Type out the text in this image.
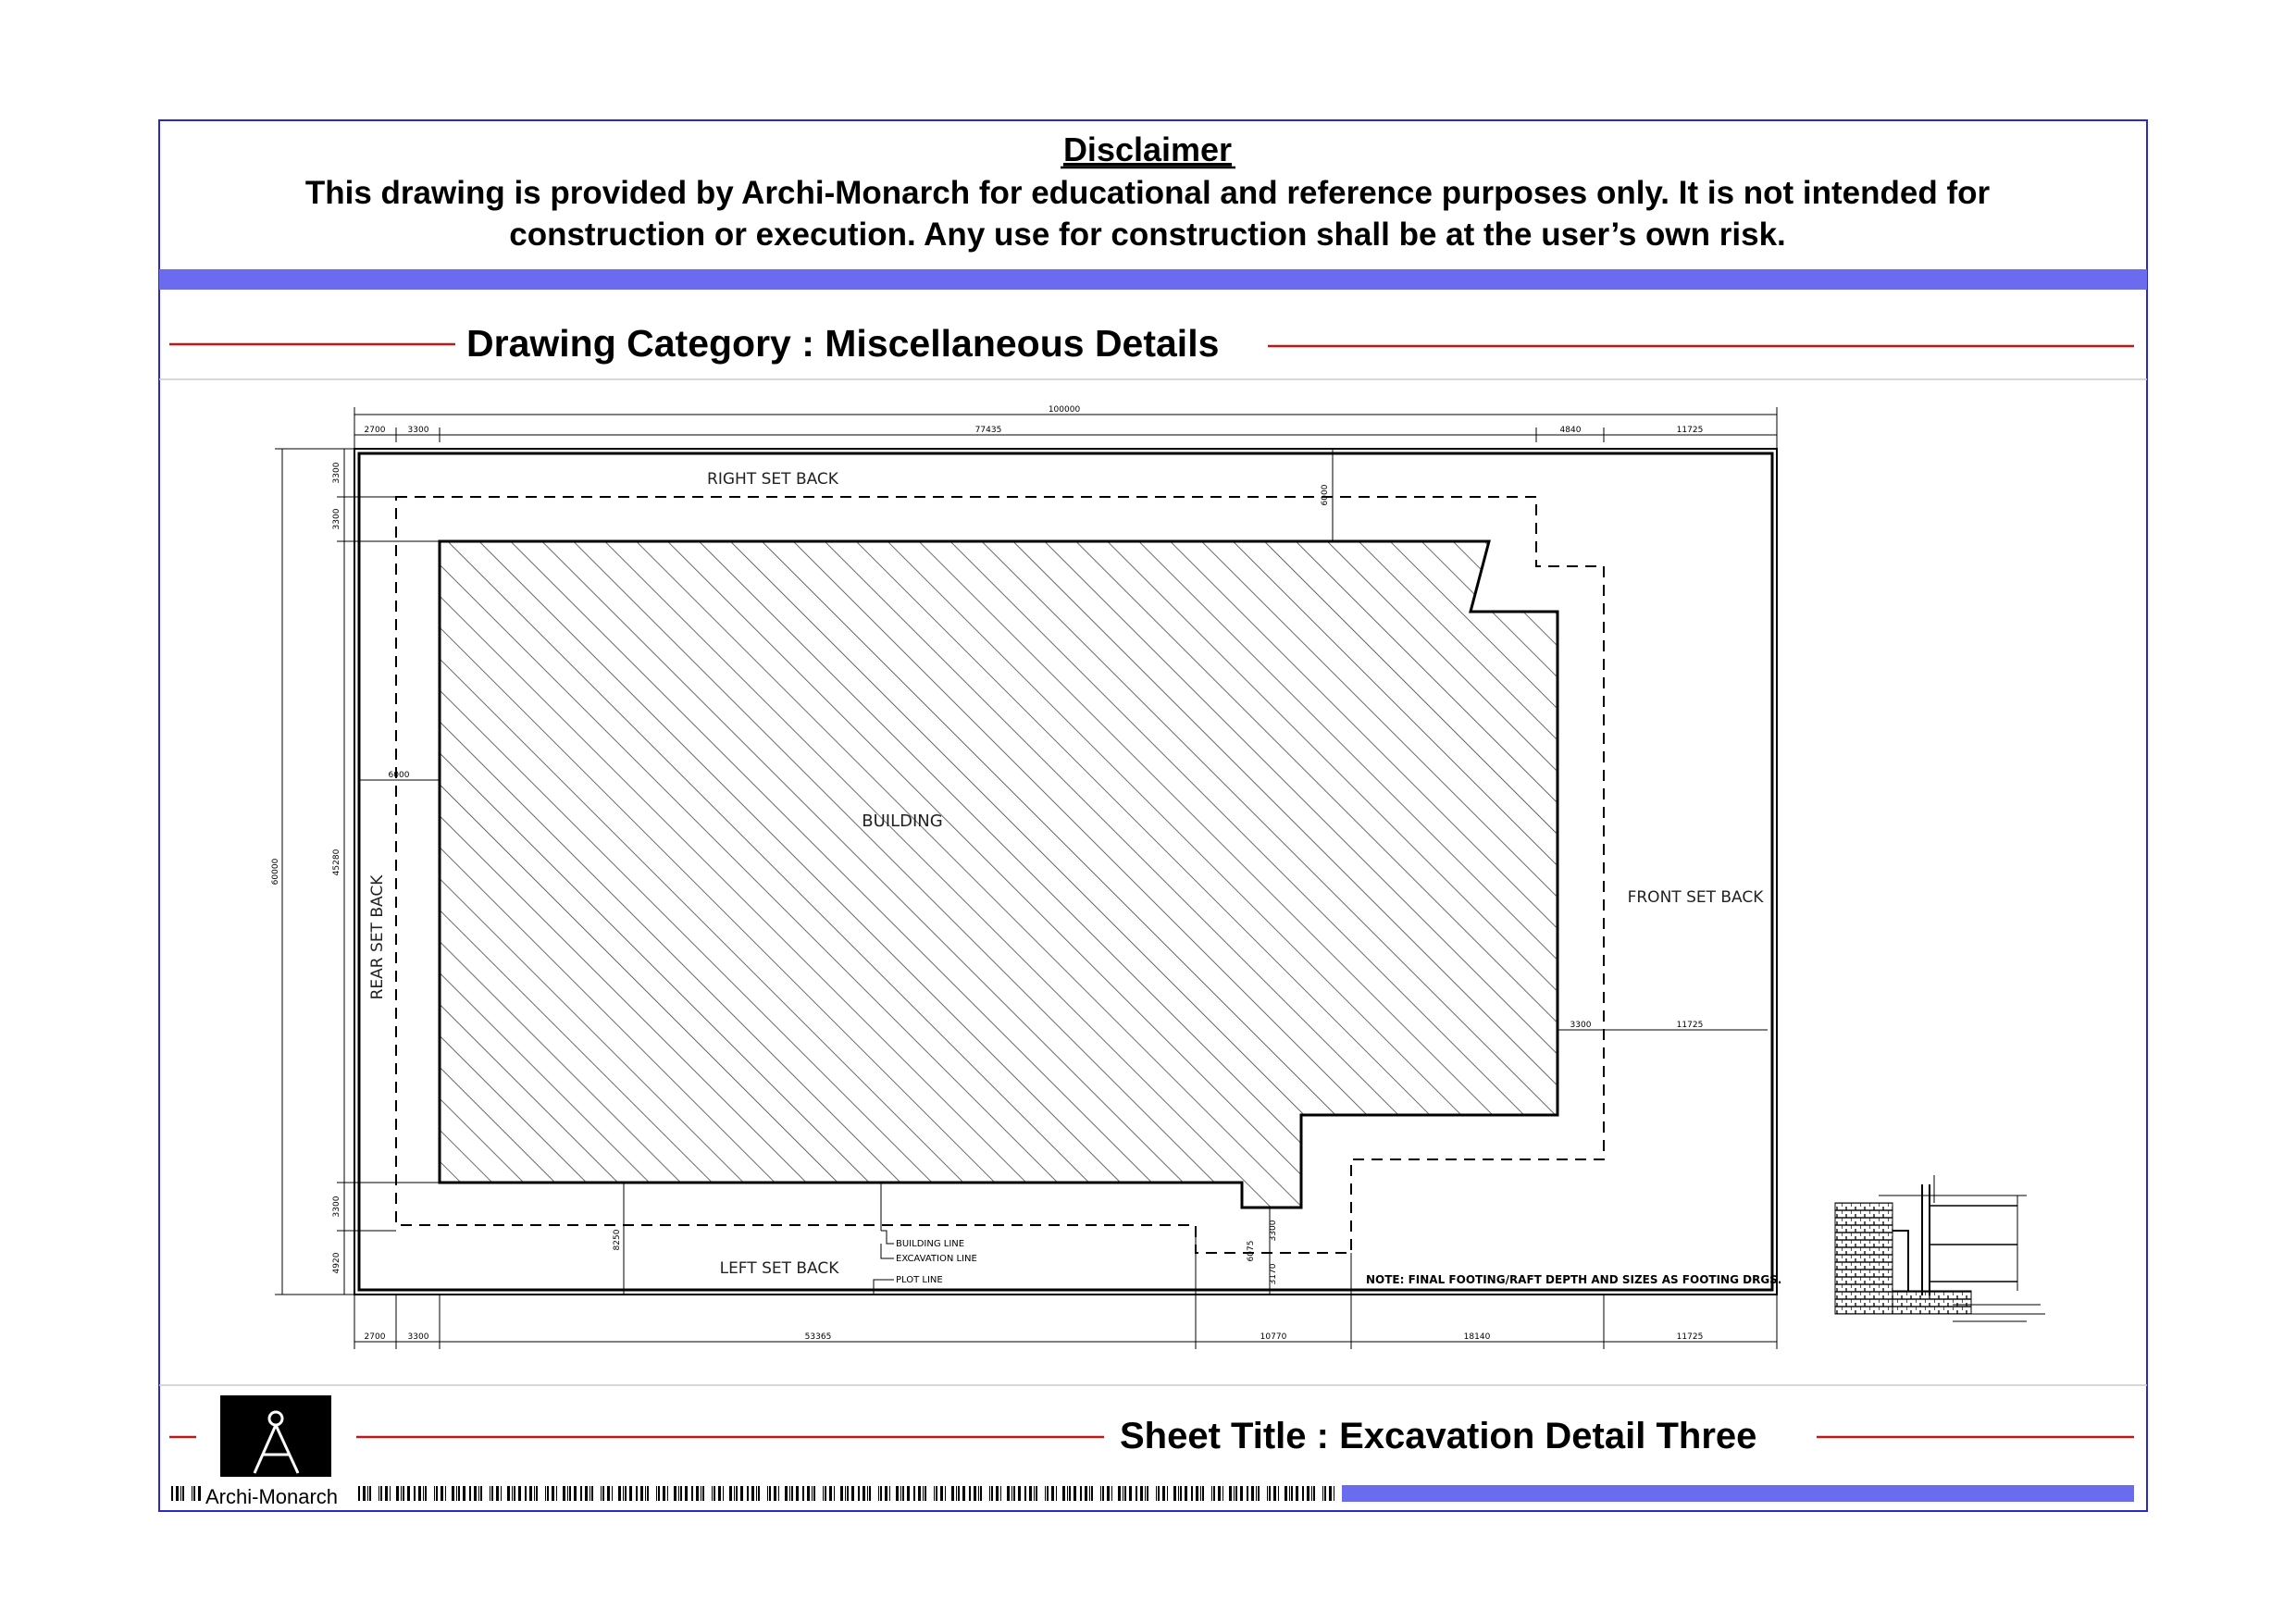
Disclaimer
This drawing is provided by Archi-Monarch for educational and reference purposes only. It is not intended for
construction or execution. Any use for construction shall be at the user’s own risk.
Drawing Category : Miscellaneous Details
BUILDING LINE
EXCAVATION LINE
PLOT LINE
BUILDING
RIGHT SET BACK
LEFT SET BACK
FRONT SET BACK
REAR SET BACK
NOTE: FINAL FOOTING/RAFT DEPTH AND SIZES AS FOOTING DRGS.
100000
2700	3300	77435	4840	11725
2700	3300	53365	10770	18140	11725
60000
3300
3300
45280
3300
4920
6000
6000
3300	11725
8250
6075
3300
3170
Archi-Monarch
Sheet Title : Excavation Detail Three
